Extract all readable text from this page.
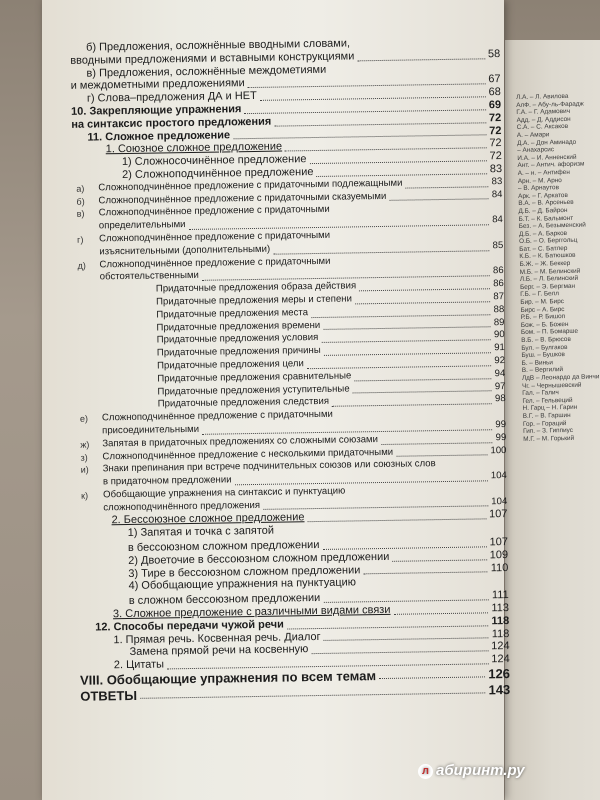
б) Предложения, осложнённые вводными словами,
вводными предложениями и вставными конструкциями	58
в) Предложения, осложнённые междометиями
и междометными предложениями	67
г) Слова–предложения ДА и НЕТ	68
10. Закрепляющие упражнения	69
на синтаксис простого предложения	72
11. Сложное предложение	72
1. Союзное сложное предложение	72
1) Сложносочинённое предложение	72
2) Сложноподчинённое предложение	83
а) Сложноподчинённое предложение с придаточными подлежащными	83
б) Сложноподчинённое предложение с придаточными сказуемыми	84
в) Сложноподчинённое предложение с придаточными
определительными	84
г) Сложноподчинённое предложение с придаточными
изъяснительными (дополнительными)	85
д) Сложноподчинённое предложение с придаточными
обстоятельственными	86
Придаточные предложения образа действия	86
Придаточные предложения меры и степени	87
Придаточные предложения места	88
Придаточные предложения времени	89
Придаточные предложения условия	90
Придаточные предложения причины	91
Придаточные предложения цели	92
Придаточные предложения сравнительные	94
Придаточные предложения уступительные	97
Придаточные предложения следствия	98
е) Сложноподчинённое предложение с придаточными
присоединительными	99
ж) Запятая в придаточных предложениях со сложными союзами	99
з) Сложноподчинённое предложение с несколькими придаточными	100
и) Знаки препинания при встрече подчинительных союзов или союзных слов
в придаточном предложении	104
к) Обобщающие упражнения на синтаксис и пунктуацию
сложноподчинённого предложения	104
2. Бессоюзное сложное предложение	107
1) Запятая и точка с запятой
в бессоюзном сложном предложении	107
2) Двоеточие в бессоюзном сложном предложении	109
3) Тире в бессоюзном сложном предложении	110
4) Обобщающие упражнения на пунктуацию
в сложном бессоюзном предложении	111
3. Сложное предложение с различными видами связи	113
12. Способы передачи чужой речи	118
1. Прямая речь. Косвенная речь. Диалог	118
Замена прямой речи на косвенную	124
2. Цитаты	124
VIII. Обобщающие упражнения по всем темам	126
ОТВЕТЫ	143
Л.А. – Л. Авилова
АлФ. – Абу-ль-Фарадж
Г.А. – Г. Адамович
Адд. – Д. Аддисон
С.А. – С. Аксаков
А. – Амари
Д.А. – Дон Аминадо
– Анахарсис
И.А. – И. Анненский
Ант. – Антич. афоризм
А. – н. – Антифен
Арн. – М. Арно
– В. Арнаутов
Арк. – Г. Аркатов
В.А. – В. Арсеньев
Д.Б. – Д. Байрон
Б.Т. – К. Бальмонт
Без. – А. Безыменский
Д.Б. – А. Барков
О.Б. – О. Берггольц
Бат. – С. Батлер
К.Б. – К. Батюшков
Б.Ж. – Ж. Беккер
М.Б. – М. Белинский
Л.Б. – Л. Белинский
Берг. – Э. Бергман
Г.Б. – Г. Белл
Бир. – М. Бирс
Бирс – А. Бирс
Р.Б. – Р. Бишоп
Бож. – Б. Божен
Бом. – П. Бомарше
В.Б. – В. Брюсов
Бул. – Булгаков
Буш. – Бушков
Б. – Виньи
В. – Вергилий
ЛдВ – Леонардо да Винчи
Чг. – Чернышевский
Гал. – Галич
Гел. – Гельвеций
Н. Гарц – Н. Гарин
В.Г. – В. Гаршин
Гор. – Гораций
Гип. – З. Гиппиус
М.Г. – М. Горький
л абиринт.ру
